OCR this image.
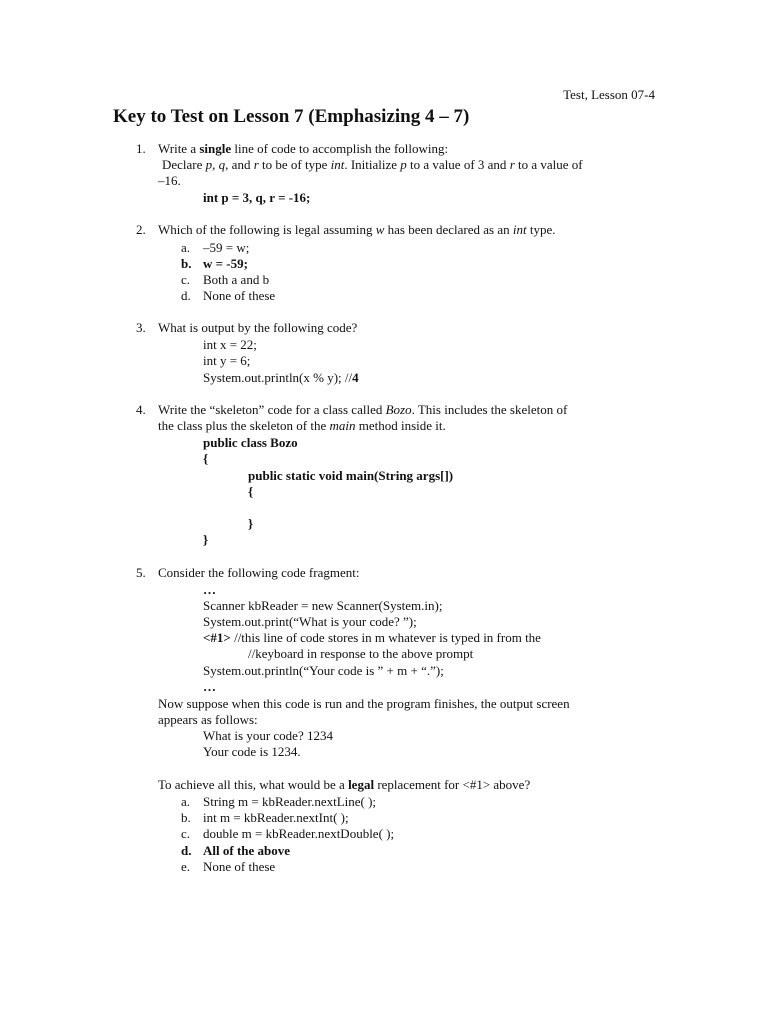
Test, Lesson 07-4
Key to Test on Lesson 7 (Emphasizing 4 – 7)
1. Write a single line of code to accomplish the following:
Declare p, q, and r to be of type int. Initialize p to a value of 3 and r to a value of
–16.
int p = 3, q, r = -16;
2. Which of the following is legal assuming w has been declared as an int type.
a. –59 = w;
b. w = -59;
c. Both a and b
d. None of these
3. What is output by the following code?
int x = 22;
int y = 6;
System.out.println(x % y); //4
4. Write the “skeleton” code for a class called Bozo. This includes the skeleton of
the class plus the skeleton of the main method inside it.
public class Bozo
{
public static void main(String args[])
{
}
}
5. Consider the following code fragment:
…
Scanner kbReader = new Scanner(System.in);
System.out.print(“What is your code? ”);
<#1> //this line of code stores in m whatever is typed in from the
//keyboard in response to the above prompt
System.out.println(“Your code is ” + m + “.”);
…
Now suppose when this code is run and the program finishes, the output screen
appears as follows:
What is your code? 1234
Your code is 1234.
To achieve all this, what would be a legal replacement for <#1> above?
a. String m = kbReader.nextLine( );
b. int m = kbReader.nextInt( );
c. double m = kbReader.nextDouble( );
d. All of the above
e. None of these
